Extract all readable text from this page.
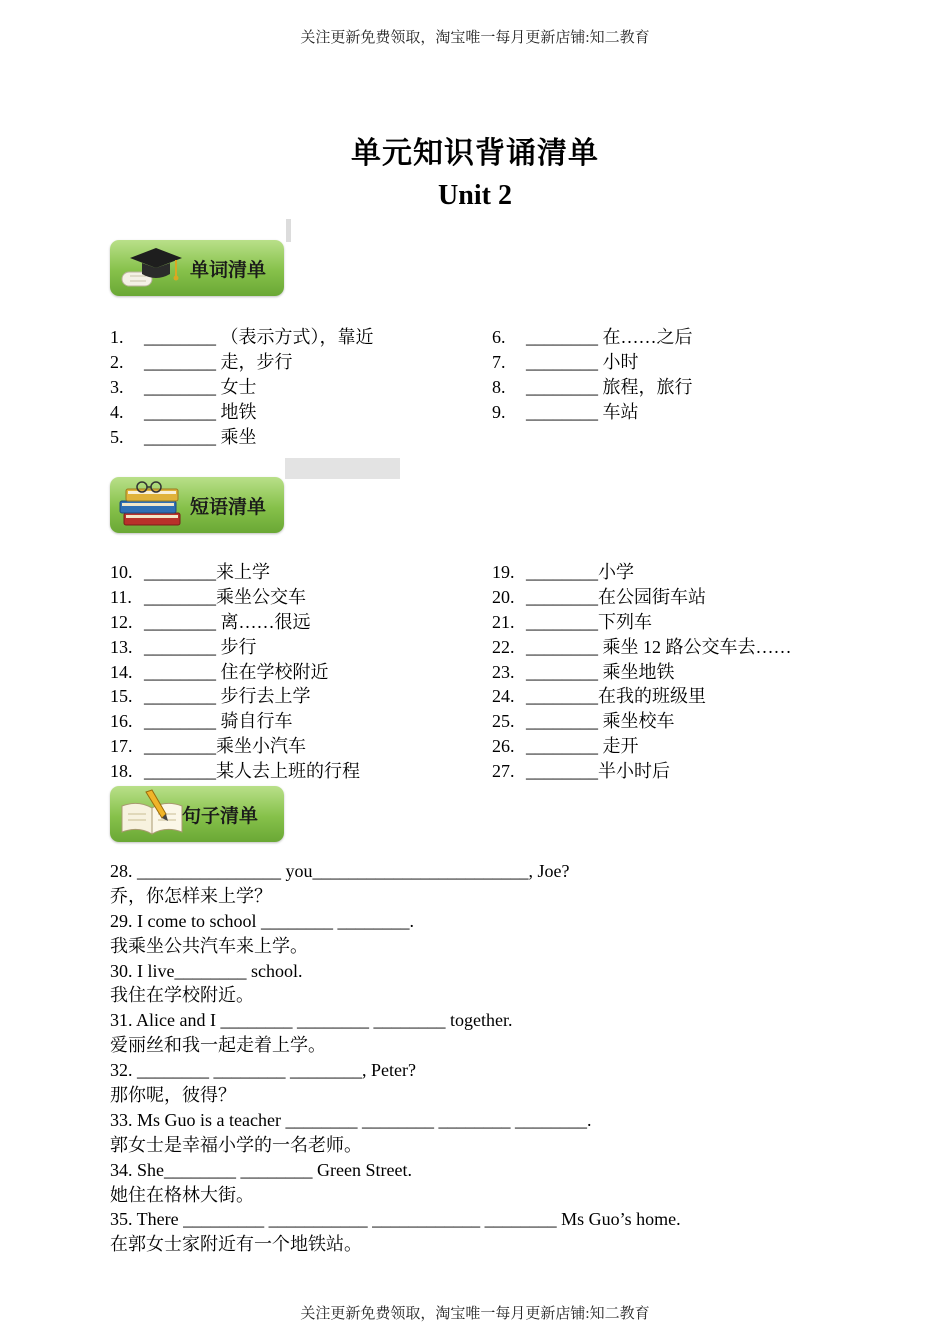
关注更新免费领取，淘宝唯一每月更新店铺:知二教育
单元知识背诵清单
Unit 2
单词清单
1. ________ （表示方式），靠近
2. ________ 走，步行
3. ________ 女士
4. ________ 地铁
5. ________ 乘坐
6. ________ 在……之后
7. ________ 小时
8. ________ 旅程，旅行
9. ________ 车站
短语清单
10. ________来上学
11. ________乘坐公交车
12. ________ 离……很远
13. ________ 步行
14. ________ 住在学校附近
15. ________ 步行去上学
16. ________ 骑自行车
17. ________乘坐小汽车
18. ________某人去上班的行程
19. ________小学
20. ________在公园街车站
21. ________下列车
22. ________ 乘坐 12 路公交车去……
23. ________ 乘坐地铁
24. ________在我的班级里
25. ________ 乘坐校车
26. ________ 走开
27. ________半小时后
句子清单
28. ________________ you________________________, Joe?
乔，你怎样来上学？
29. I come to school ________ ________.
我乘坐公共汽车来上学。
30. I live________ school.
我住在学校附近。
31. Alice and I ________ ________ ________ together.
爱丽丝和我一起走着上学。
32. ________ ________ ________, Peter?
那你呢，彼得？
33. Ms Guo is a teacher ________ ________ ________ ________.
郭女士是幸福小学的一名老师。
34. She________ ________ Green Street.
她住在格林大街。
35. There _________ ___________ ____________ ________ Ms Guo’s home.
在郭女士家附近有一个地铁站。
关注更新免费领取，淘宝唯一每月更新店铺:知二教育
